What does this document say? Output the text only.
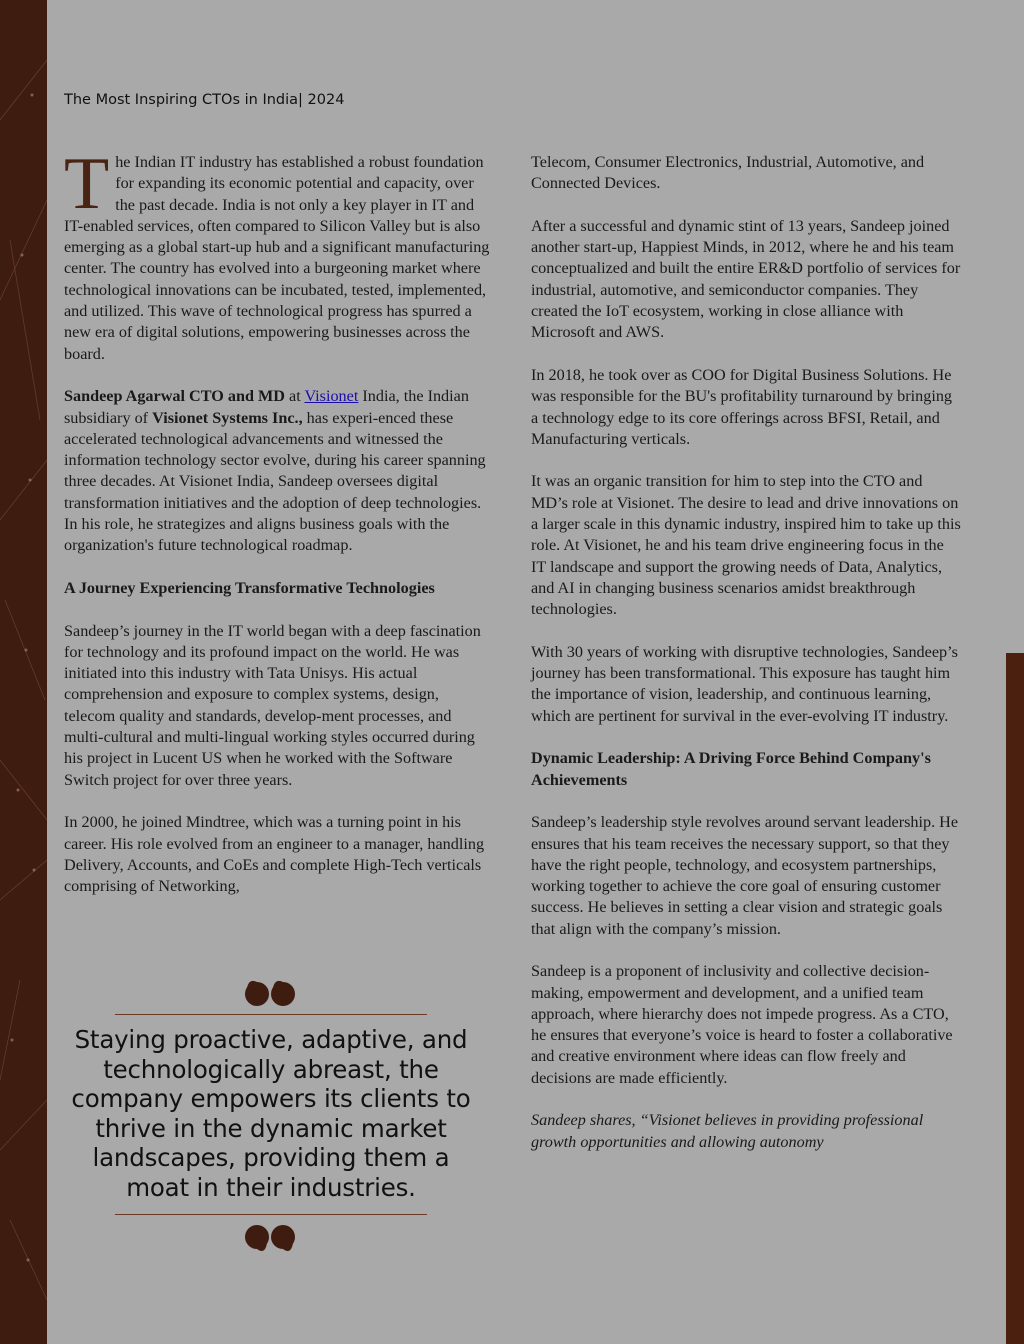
The Most Inspiring CTOs in India| 2024

The Indian IT industry has established a robust foundation for expanding its economic potential and capacity, over the past decade. India is not only a key player in IT and IT-enabled services, often compared to Silicon Valley but is also emerging as a global start-up hub and a significant manufacturing center. The country has evolved into a burgeoning market where technological innovations can be incubated, tested, implemented, and utilized. This wave of technological progress has spurred a new era of digital solutions, empowering businesses across the board.

Sandeep Agarwal CTO and MD at Visionet India, the Indian subsidiary of Visionet Systems Inc., has experi-enced these accelerated technological advancements and witnessed the information technology sector evolve, during his career spanning three decades. At Visionet India, Sandeep oversees digital transformation initiatives and the adoption of deep technologies. In his role, he strategizes and aligns business goals with the organization's future technological roadmap.

A Journey Experiencing Transformative Technologies

Sandeep’s journey in the IT world began with a deep fascination for technology and its profound impact on the world. He was initiated into this industry with Tata Unisys. His actual comprehension and exposure to complex systems, design, telecom quality and standards, develop-ment processes, and multi-cultural and multi-lingual working styles occurred during his project in Lucent US when he worked with the Software Switch project for over three years.

In 2000, he joined Mindtree, which was a turning point in his career. His role evolved from an engineer to a manager, handling Delivery, Accounts, and CoEs and complete High-Tech verticals comprising of Networking,

Staying proactive, adaptive, and technologically abreast, the company empowers its clients to thrive in the dynamic market landscapes, providing them a moat in their industries.

Telecom, Consumer Electronics, Industrial, Automotive, and Connected Devices.

After a successful and dynamic stint of 13 years, Sandeep joined another start-up, Happiest Minds, in 2012, where he and his team conceptualized and built the entire ER&D portfolio of services for industrial, automotive, and semiconductor companies. They created the IoT ecosystem, working in close alliance with Microsoft and AWS.

In 2018, he took over as COO for Digital Business Solutions. He was responsible for the BU's profitability turnaround by bringing a technology edge to its core offerings across BFSI, Retail, and Manufacturing verticals.

It was an organic transition for him to step into the CTO and MD’s role at Visionet. The desire to lead and drive innovations on a larger scale in this dynamic industry, inspired him to take up this role. At Visionet, he and his team drive engineering focus in the IT landscape and support the growing needs of Data, Analytics, and AI in changing business scenarios amidst breakthrough technologies.

With 30 years of working with disruptive technologies, Sandeep’s journey has been transformational. This exposure has taught him the importance of vision, leadership, and continuous learning, which are pertinent for survival in the ever-evolving IT industry.

Dynamic Leadership: A Driving Force Behind Company's Achievements

Sandeep’s leadership style revolves around servant leadership. He ensures that his team receives the necessary support, so that they have the right people, technology, and ecosystem partnerships, working together to achieve the core goal of ensuring customer success. He believes in setting a clear vision and strategic goals that align with the company’s mission.

Sandeep is a proponent of inclusivity and collective decision-making, empowerment and development, and a unified team approach, where hierarchy does not impede progress. As a CTO, he ensures that everyone’s voice is heard to foster a collaborative and creative environment where ideas can flow freely and decisions are made efficiently.

Sandeep shares, “Visionet believes in providing professional growth opportunities and allowing autonomy
